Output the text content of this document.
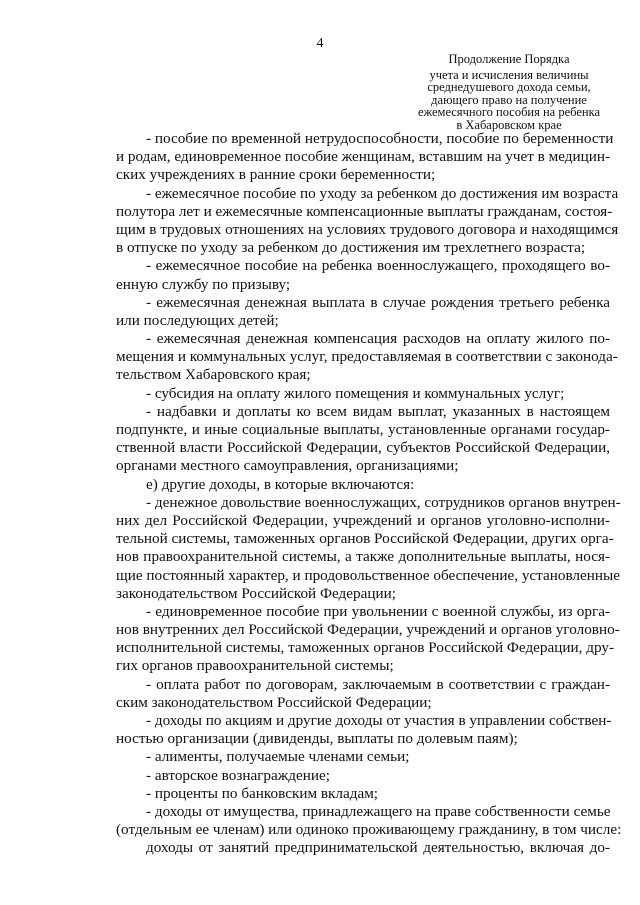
4
Продолжение Порядка
учета и исчисления величины
среднедушевого дохода семьи,
дающего право на получение
ежемесячного пособия на ребенка
в Хабаровском крае
- пособие по временной нетрудоспособности, пособие по беременности
и родам, единовременное пособие женщинам, вставшим на учет в медицин-
ских учреждениях в ранние сроки беременности;
- ежемесячное пособие по уходу за ребенком до достижения им возраста
полутора лет и ежемесячные компенсационные выплаты гражданам, состоя-
щим в трудовых отношениях на условиях трудового договора и находящимся
в отпуске по уходу за ребенком до достижения им трехлетнего возраста;
- ежемесячное пособие на ребенка военнослужащего, проходящего во-
енную службу по призыву;
- ежемесячная денежная выплата в случае рождения третьего ребенка
или последующих детей;
- ежемесячная денежная компенсация расходов на оплату жилого по-
мещения и коммунальных услуг, предоставляемая в соответствии с законода-
тельством Хабаровского края;
- субсидия на оплату жилого помещения и коммунальных услуг;
- надбавки и доплаты ко всем видам выплат, указанных в настоящем
подпункте, и иные социальные выплаты, установленные органами государ-
ственной власти Российской Федерации, субъектов Российской Федерации,
органами местного самоуправления, организациями;
е) другие доходы, в которые включаются:
- денежное довольствие военнослужащих, сотрудников органов внутрен-
них дел Российской Федерации, учреждений и органов уголовно-исполни-
тельной системы, таможенных органов Российской Федерации, других орга-
нов правоохранительной системы, а также дополнительные выплаты, нося-
щие постоянный характер, и продовольственное обеспечение, установленные
законодательством Российской Федерации;
- единовременное пособие при увольнении с военной службы, из орга-
нов внутренних дел Российской Федерации, учреждений и органов уголовно-
исполнительной системы, таможенных органов Российской Федерации, дру-
гих органов правоохранительной системы;
- оплата работ по договорам, заключаемым в соответствии с граждан-
ским законодательством Российской Федерации;
- доходы по акциям и другие доходы от участия в управлении собствен-
ностью организации (дивиденды, выплаты по долевым паям);
- алименты, получаемые членами семьи;
- авторское вознаграждение;
- проценты по банковским вкладам;
- доходы от имущества, принадлежащего на праве собственности семье
(отдельным ее членам) или одиноко проживающему гражданину, в том числе:
доходы от занятий предпринимательской деятельностью, включая до-
